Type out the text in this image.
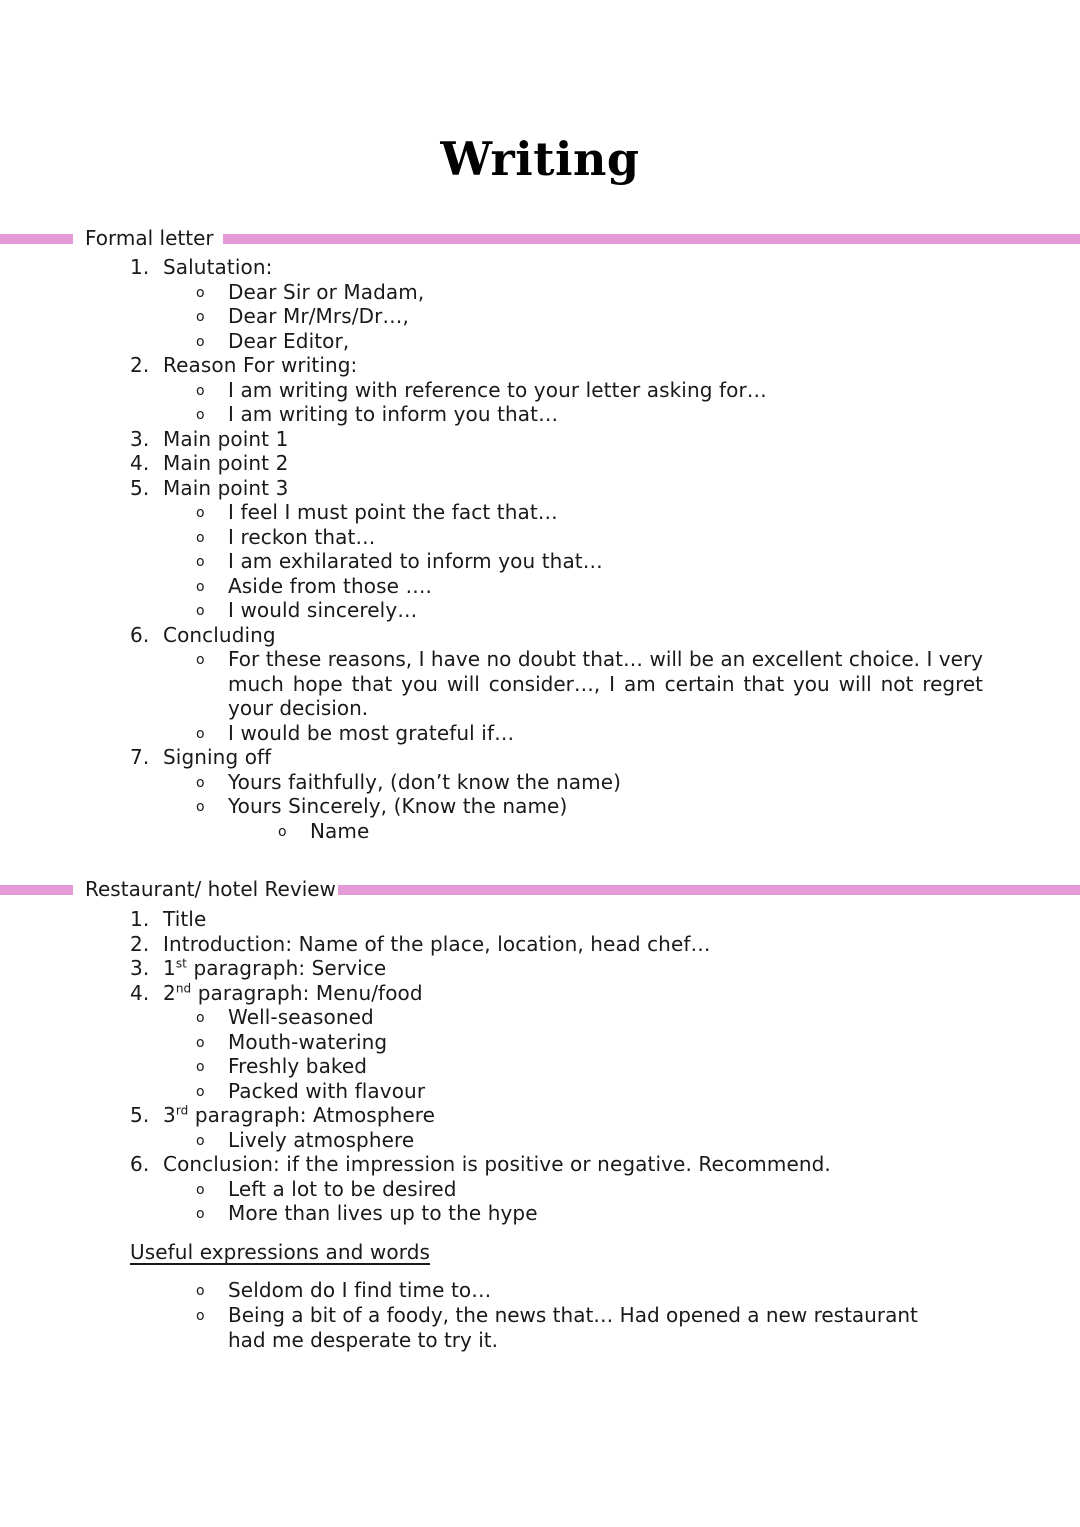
Writing
Formal letter
1. Salutation:
o Dear Sir or Madam,
o Dear Mr/Mrs/Dr…,
o Dear Editor,
2. Reason For writing:
o I am writing with reference to your letter asking for…
o I am writing to inform you that…
3. Main point 1
4. Main point 2
5. Main point 3
o I feel I must point the fact that…
o I reckon that…
o I am exhilarated to inform you that…
o Aside from those ….
o I would sincerely…
6. Concluding
o For these reasons, I have no doubt that… will be an excellent choice. I very much hope that you will consider…, I am certain that you will not regret your decision.
o I would be most grateful if…
7. Signing off
o Yours faithfully, (don’t know the name)
o Yours Sincerely, (Know the name)
o Name
Restaurant/ hotel Review
1. Title
2. Introduction: Name of the place, location, head chef…
3. 1st paragraph: Service
4. 2nd paragraph: Menu/food
o Well-seasoned
o Mouth-watering
o Freshly baked
o Packed with flavour
5. 3rd paragraph: Atmosphere
o Lively atmosphere
6. Conclusion: if the impression is positive or negative. Recommend.
o Left a lot to be desired
o More than lives up to the hype
Useful expressions and words
o Seldom do I find time to…
o Being a bit of a foody, the news that… Had opened a new restaurant had me desperate to try it.
